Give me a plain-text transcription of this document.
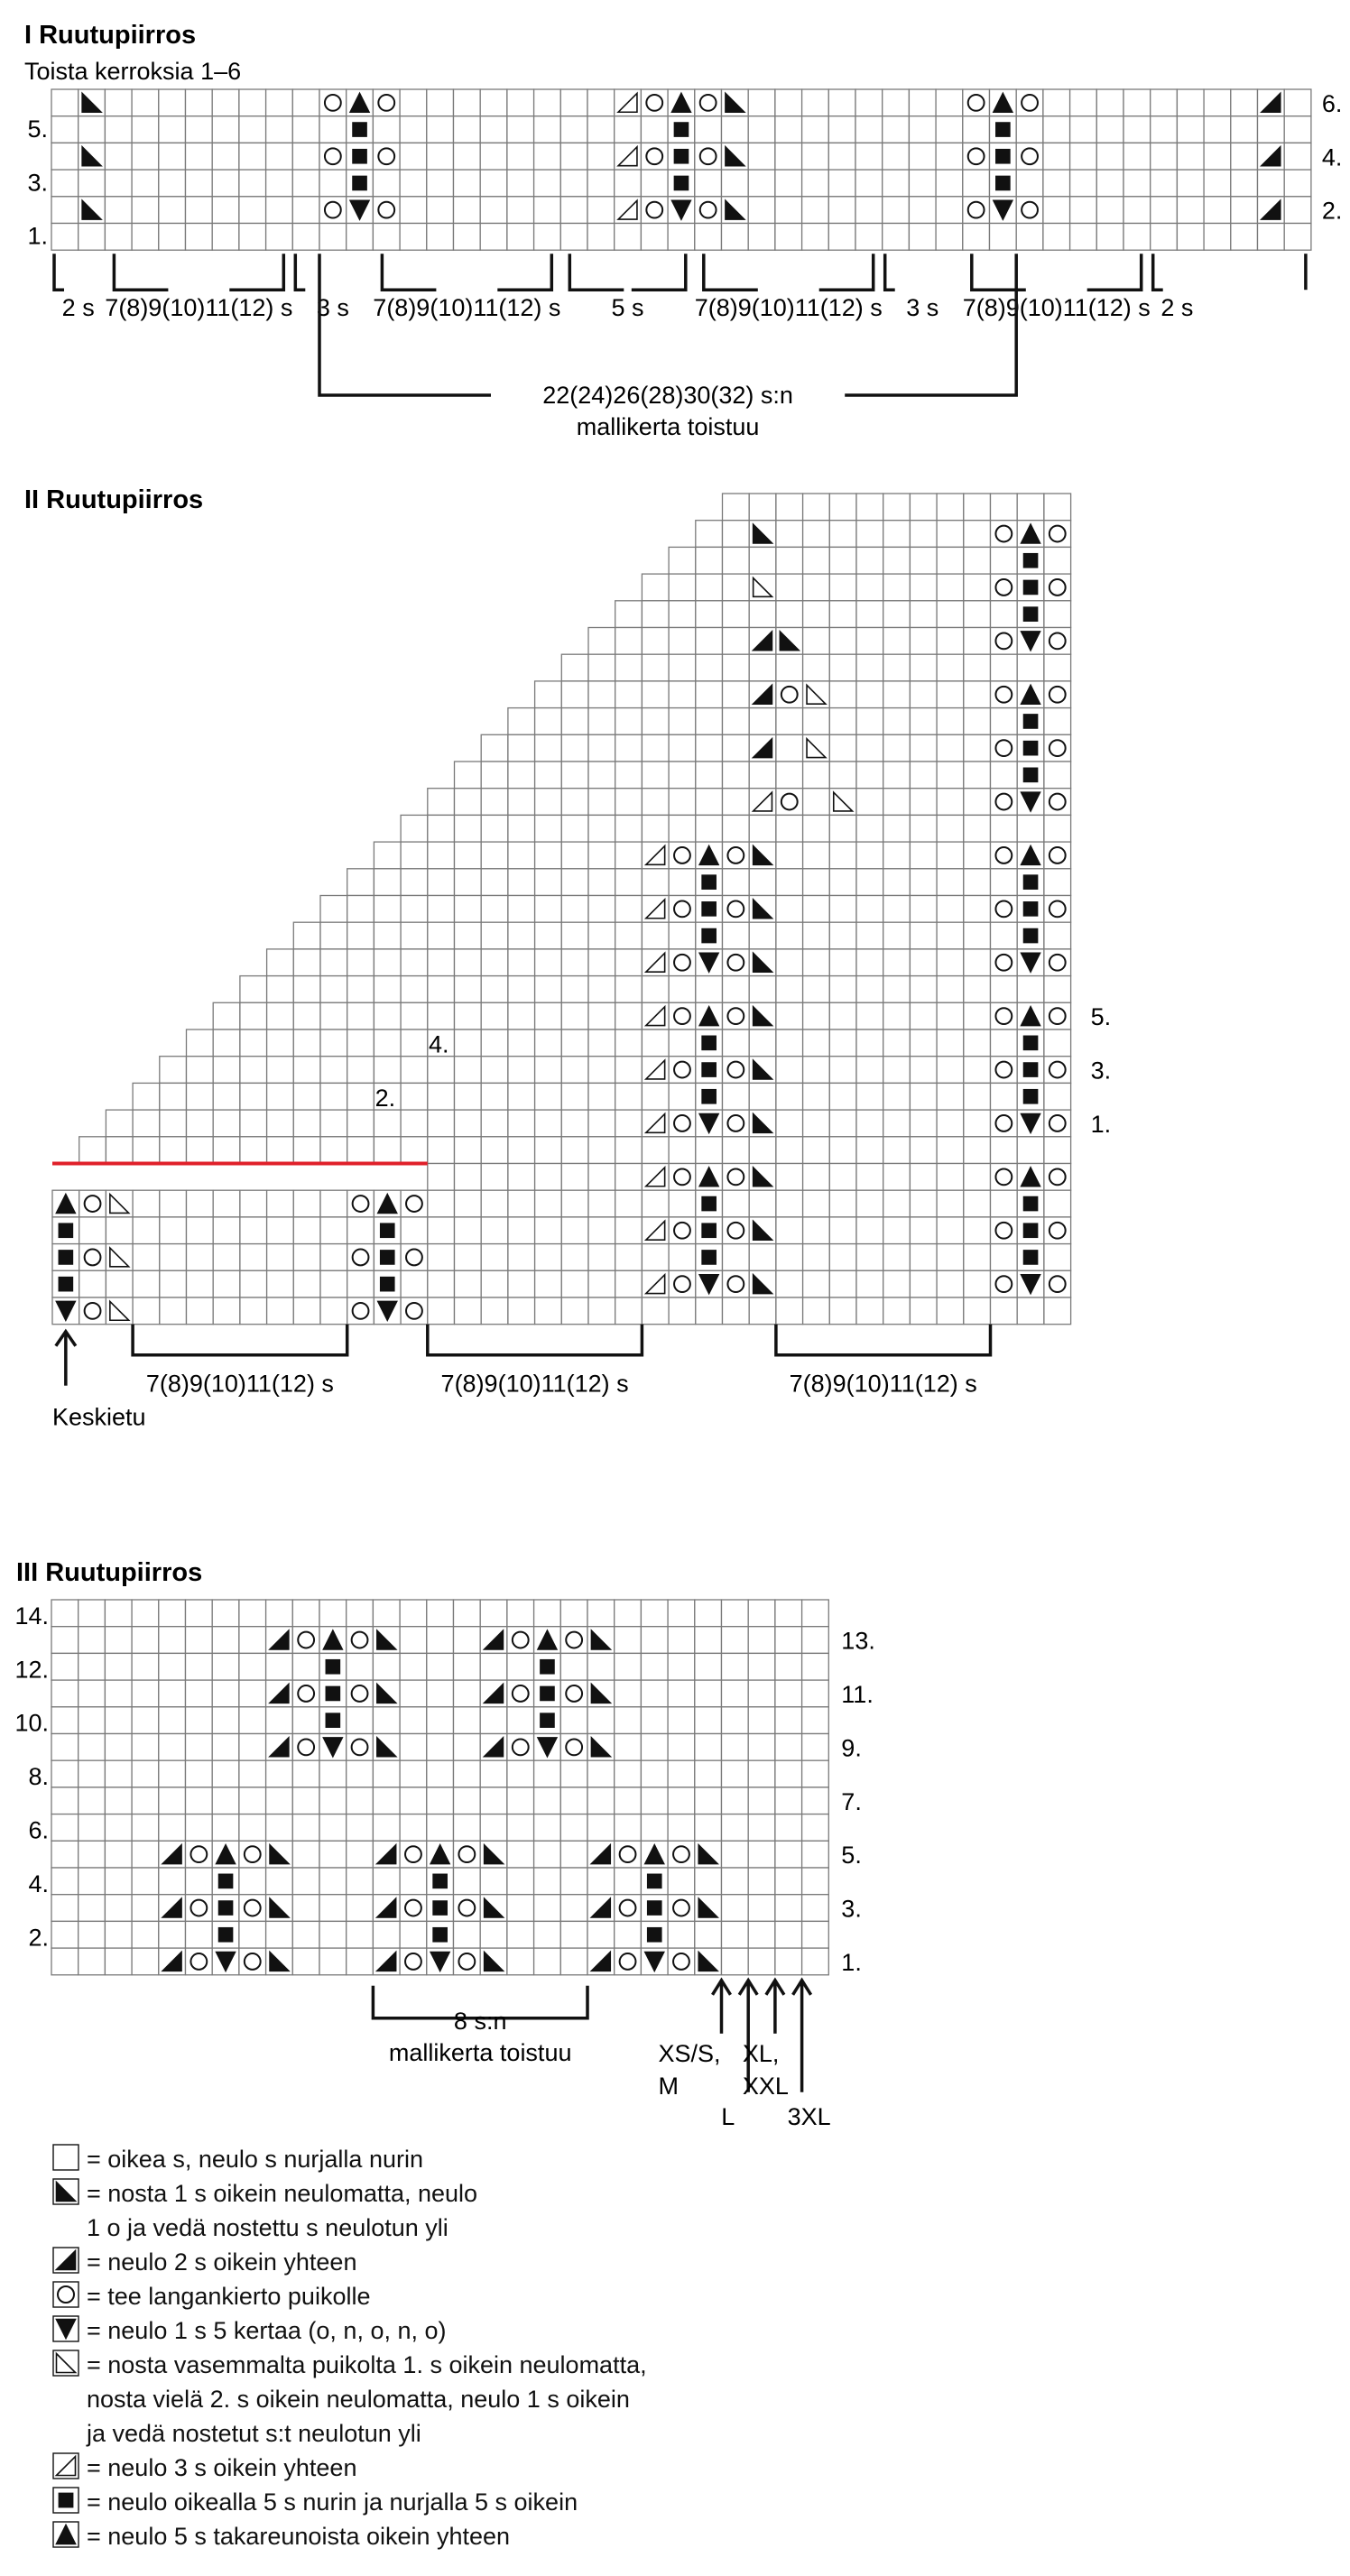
I Ruutupiirros
Toista kerroksia 1–6
5.
3.
1.
6.
4.
2.
2 s 7(8)9(10)11(12) s 3 s 7(8)9(10)11(12) s 5 s 7(8)9(10)11(12) s 3 s 7(8)9(10)11(12) s 2 s
22(24)26(28)30(32) s:n
mallikerta toistuu
II Ruutupiirros
4.
2.
5.
3.
1.
7(8)9(10)11(12) s	7(8)9(10)11(12) s	7(8)9(10)11(12) s
Keskietu
III Ruutupiirros
14.
12.
10.
8.
6.
4.
2.
13.
11.
9.
7.
5.
3.
1.
8 s:n
mallikerta toistuu	XS/S,
M
L
XL,
XXL
3XL
= oikea s, neulo s nurjalla nurin
= nosta 1 s oikein neulomatta, neulo
1 o ja vedä nostettu s neulotun yli
= neulo 2 s oikein yhteen
= tee langankierto puikolle
= neulo 1 s 5 kertaa (o, n, o, n, o)
= nosta vasemmalta puikolta 1. s oikein neulomatta,
nosta vielä 2. s oikein neulomatta, neulo 1 s oikein
ja vedä nostetut s:t neulotun yli
= neulo 3 s oikein yhteen
= neulo oikealla 5 s nurin ja nurjalla 5 s oikein
= neulo 5 s takareunoista oikein yhteen
